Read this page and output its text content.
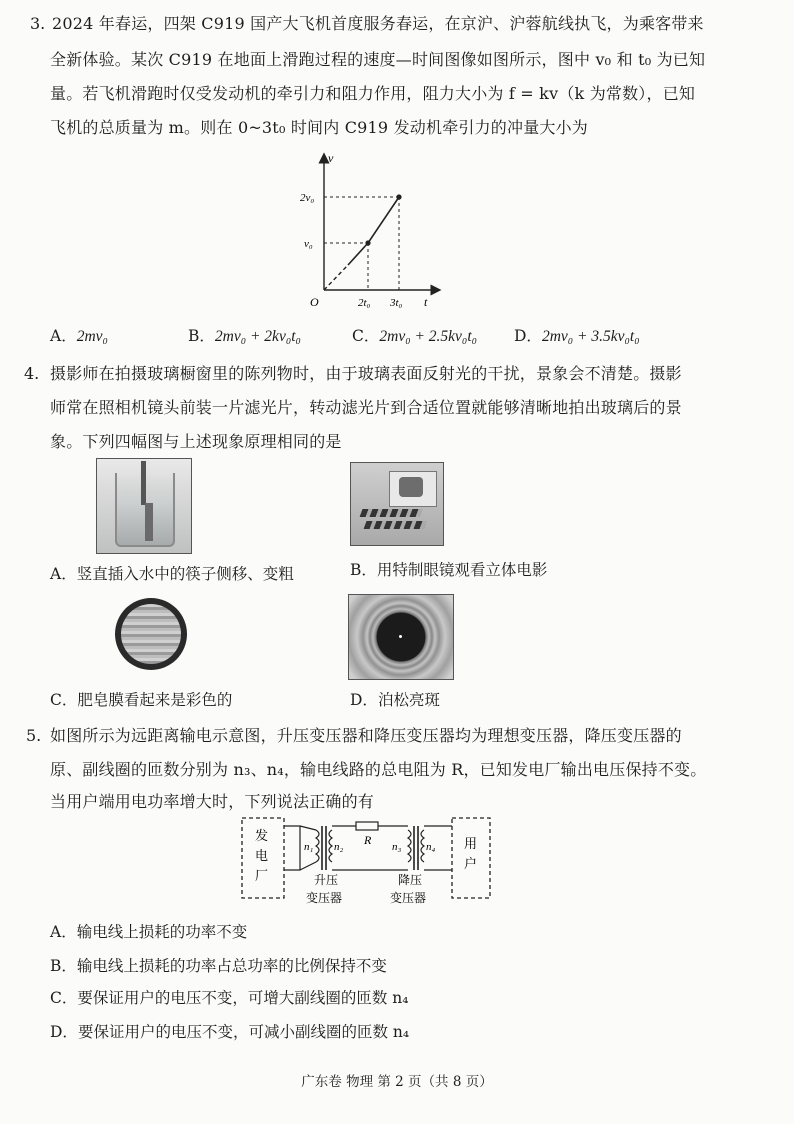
3. 2024 年春运，四架 C919 国产大飞机首度服务春运，在京沪、沪蓉航线执飞，为乘客带来
全新体验。某次 C919 在地面上滑跑过程的速度—时间图像如图所示，图中 v₀ 和 t₀ 为已知
量。若飞机滑跑时仅受发动机的牵引力和阻力作用，阻力大小为 f = kv（k 为常数），已知
飞机的总质量为 m。则在 0~3t₀ 时间内 C919 发动机牵引力的冲量大小为
v
t
O
2v₀
v₀
2t₀ 3t₀
A．2mv₀	B．2mv₀ + 2kv₀t₀	C．2mv₀ + 2.5kv₀t₀ D．2mv₀ + 3.5kv₀t₀
4. 摄影师在拍摄玻璃橱窗里的陈列物时，由于玻璃表面反射光的干扰，景象会不清楚。摄影
师常在照相机镜头前装一片滤光片，转动滤光片到合适位置就能够清晰地拍出玻璃后的景
象。下列四幅图与上述现象原理相同的是
A．竖直插入水中的筷子侧移、变粗	B．用特制眼镜观看立体电影
C．肥皂膜看起来是彩色的	D．泊松亮斑
5. 如图所示为远距离输电示意图，升压变压器和降压变压器均为理想变压器，降压变压器的
原、副线圈的匝数分别为 n₃、n₄，输电线路的总电阻为 R，已知发电厂输出电压保持不变。
当用户端用电功率增大时，下列说法正确的有
发
电
厂
用
户
n₁ n₂ R n₃ n₄
升压
变压器
降压
变压器
A．输电线上损耗的功率不变
B．输电线上损耗的功率占总功率的比例保持不变
C．要保证用户的电压不变，可增大副线圈的匝数 n₄
D．要保证用户的电压不变，可减小副线圈的匝数 n₄
广东卷 物理 第 2 页（共 8 页）
